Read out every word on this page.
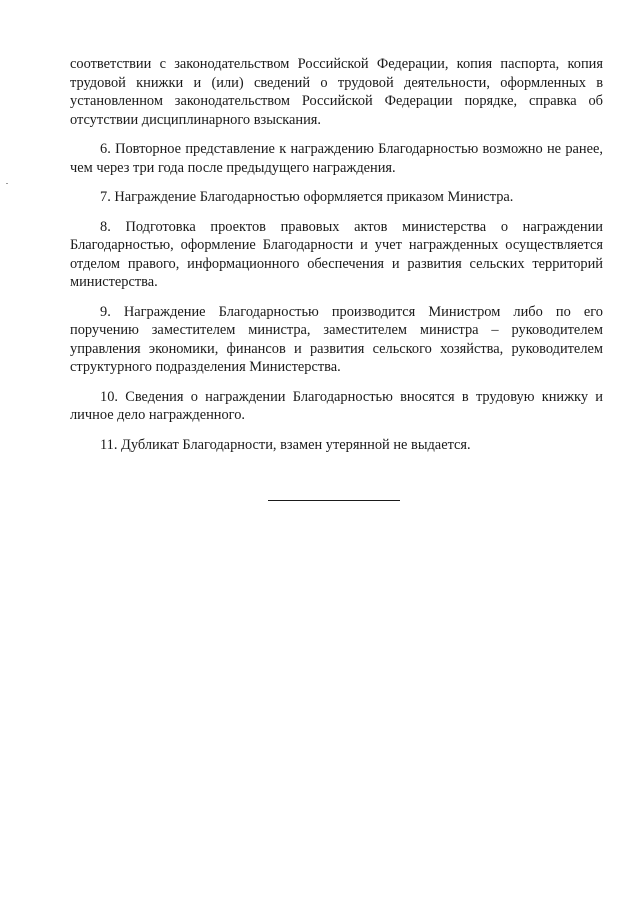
соответствии с законодательством Российской Федерации, копия паспорта, копия трудовой книжки и (или) сведений о трудовой деятельности, оформленных в установленном законодательством Российской Федерации порядке, справка об отсутствии дисциплинарного взыскания.

6. Повторное представление к награждению Благодарностью возможно не ранее, чем через три года после предыдущего награждения.

7. Награждение Благодарностью оформляется приказом Министра.

8. Подготовка проектов правовых актов министерства о награждении Благодарностью, оформление Благодарности и учет награжденных осуществляется отделом правого, информационного обеспечения и развития сельских территорий министерства.

9. Награждение Благодарностью производится Министром либо по его поручению заместителем министра, заместителем министра – руководителем управления экономики, финансов и развития сельского хозяйства, руководителем структурного подразделения Министерства.

10. Сведения о награждении Благодарностью вносятся в трудовую книжку и личное дело награжденного.

11. Дубликат Благодарности, взамен утерянной не выдается.
